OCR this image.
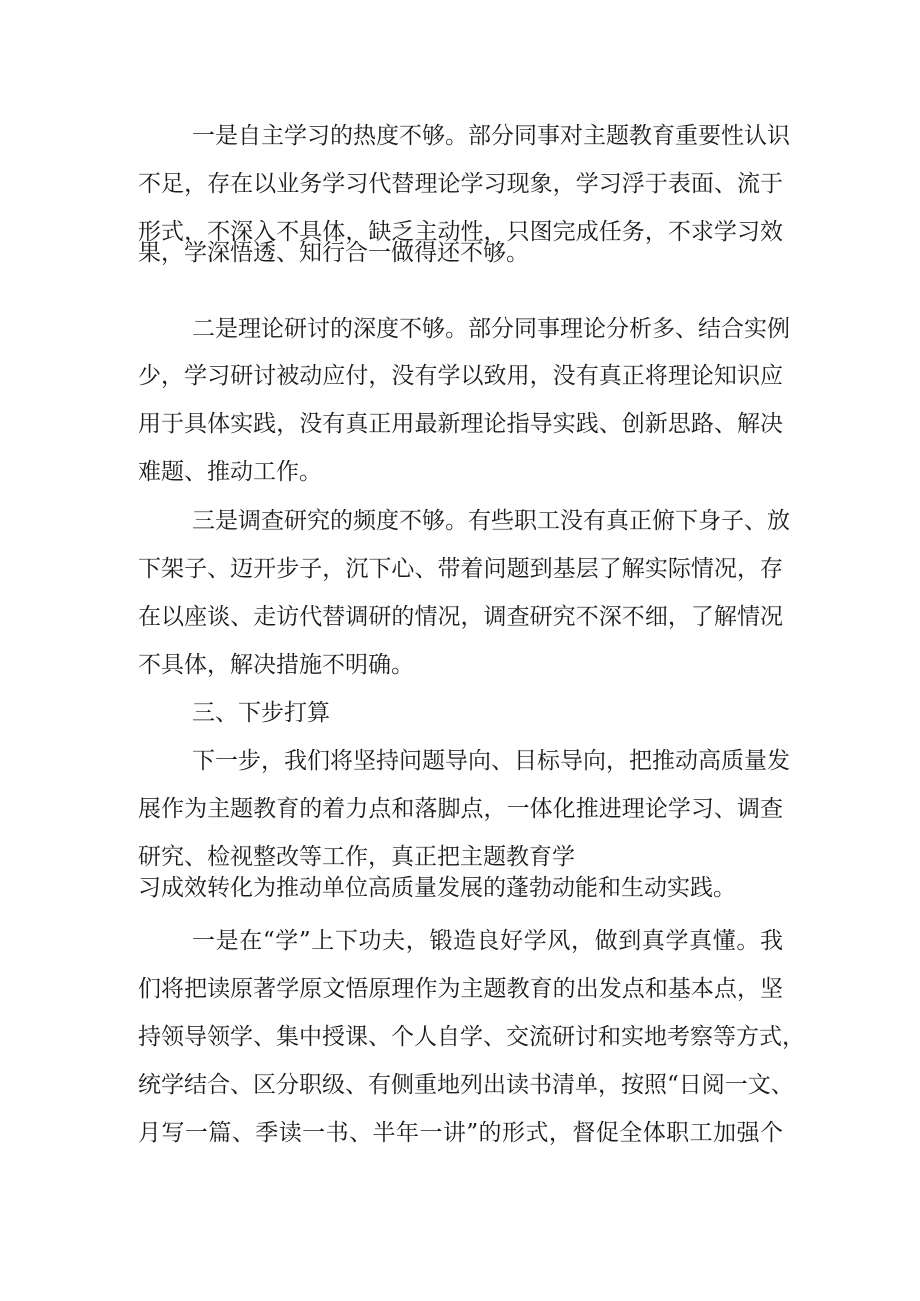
一是自主学习的热度不够。部分同事对主题教育重要性认识
不足，存在以业务学习代替理论学习现象，学习浮于表面、流于
形式，不深入不具体，缺乏主动性，只图完成任务，不求学习效
果，学深悟透、知行合一做得还不够。
二是理论研讨的深度不够。部分同事理论分析多、结合实例
少，学习研讨被动应付，没有学以致用，没有真正将理论知识应
用于具体实践，没有真正用最新理论指导实践、创新思路、解决
难题、推动工作。
三是调查研究的频度不够。有些职工没有真正俯下身子、放
下架子、迈开步子，沉下心、带着问题到基层了解实际情况，存
在以座谈、走访代替调研的情况，调查研究不深不细，了解情况
不具体，解决措施不明确。
三、下步打算
下一步，我们将坚持问题导向、目标导向，把推动高质量发
展作为主题教育的着力点和落脚点，一体化推进理论学习、调查
研究、检视整改等工作，真正把主题教育学
习成效转化为推动单位高质量发展的蓬勃动能和生动实践。
一是在“学”上下功夫，锻造良好学风，做到真学真懂。我
们将把读原著学原文悟原理作为主题教育的出发点和基本点，坚
持领导领学、集中授课、个人自学、交流研讨和实地考察等方式，
统学结合、区分职级、有侧重地列出读书清单，按照“日阅一文、
月写一篇、季读一书、半年一讲”的形式，督促全体职工加强个
